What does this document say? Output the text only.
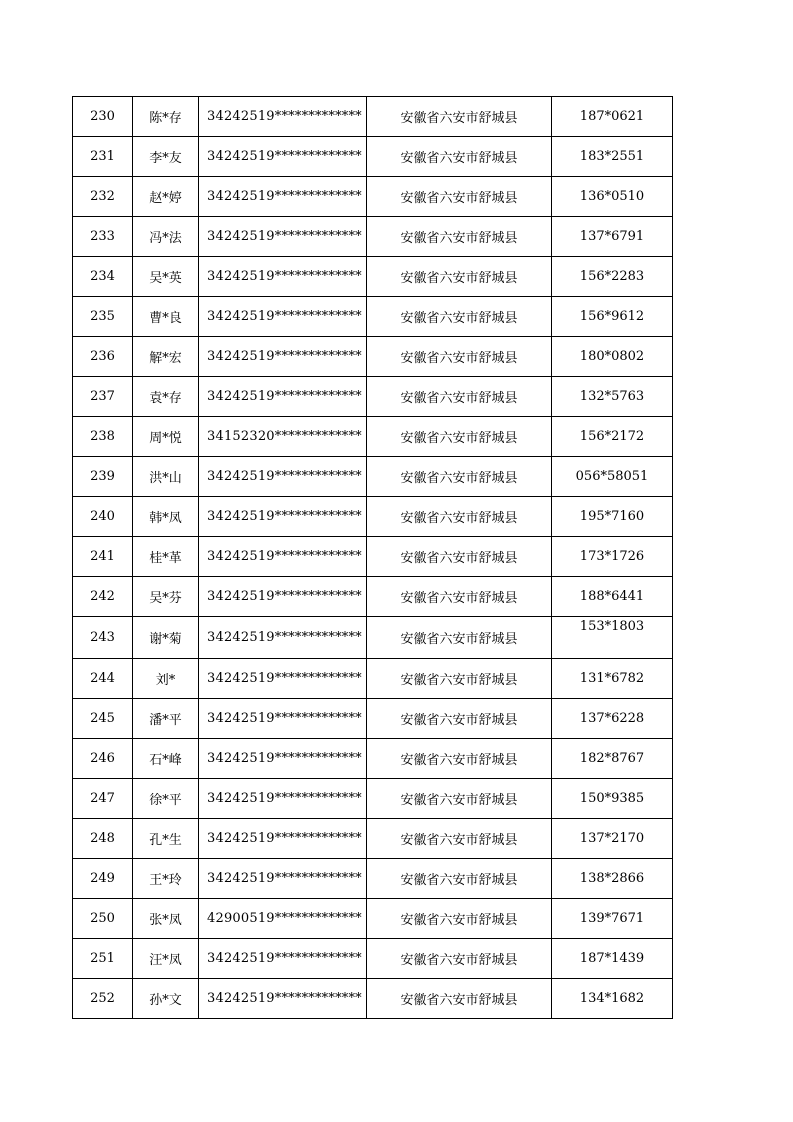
230	陈*存	34242519*************	安徽省六安市舒城县	187*0621
231	李*友	34242519*************	安徽省六安市舒城县	183*2551
232	赵*婷	34242519*************	安徽省六安市舒城县	136*0510
233	冯*法	34242519*************	安徽省六安市舒城县	137*6791
234	吴*英	34242519*************	安徽省六安市舒城县	156*2283
235	曹*良	34242519*************	安徽省六安市舒城县	156*9612
236	解*宏	34242519*************	安徽省六安市舒城县	180*0802
237	袁*存	34242519*************	安徽省六安市舒城县	132*5763
238	周*悦	34152320*************	安徽省六安市舒城县	156*2172
239	洪*山	34242519*************	安徽省六安市舒城县	056*58051
240	韩*凤	34242519*************	安徽省六安市舒城县	195*7160
241	桂*革	34242519*************	安徽省六安市舒城县	173*1726
242	吴*芬	34242519*************	安徽省六安市舒城县	188*6441
243	谢*菊	34242519*************	安徽省六安市舒城县	153*1803
244	刘*	34242519*************	安徽省六安市舒城县	131*6782
245	潘*平	34242519*************	安徽省六安市舒城县	137*6228
246	石*峰	34242519*************	安徽省六安市舒城县	182*8767
247	徐*平	34242519*************	安徽省六安市舒城县	150*9385
248	孔*生	34242519*************	安徽省六安市舒城县	137*2170
249	王*玲	34242519*************	安徽省六安市舒城县	138*2866
250	张*凤	42900519*************	安徽省六安市舒城县	139*7671
251	汪*凤	34242519*************	安徽省六安市舒城县	187*1439
252	孙*文	34242519*************	安徽省六安市舒城县	134*1682
